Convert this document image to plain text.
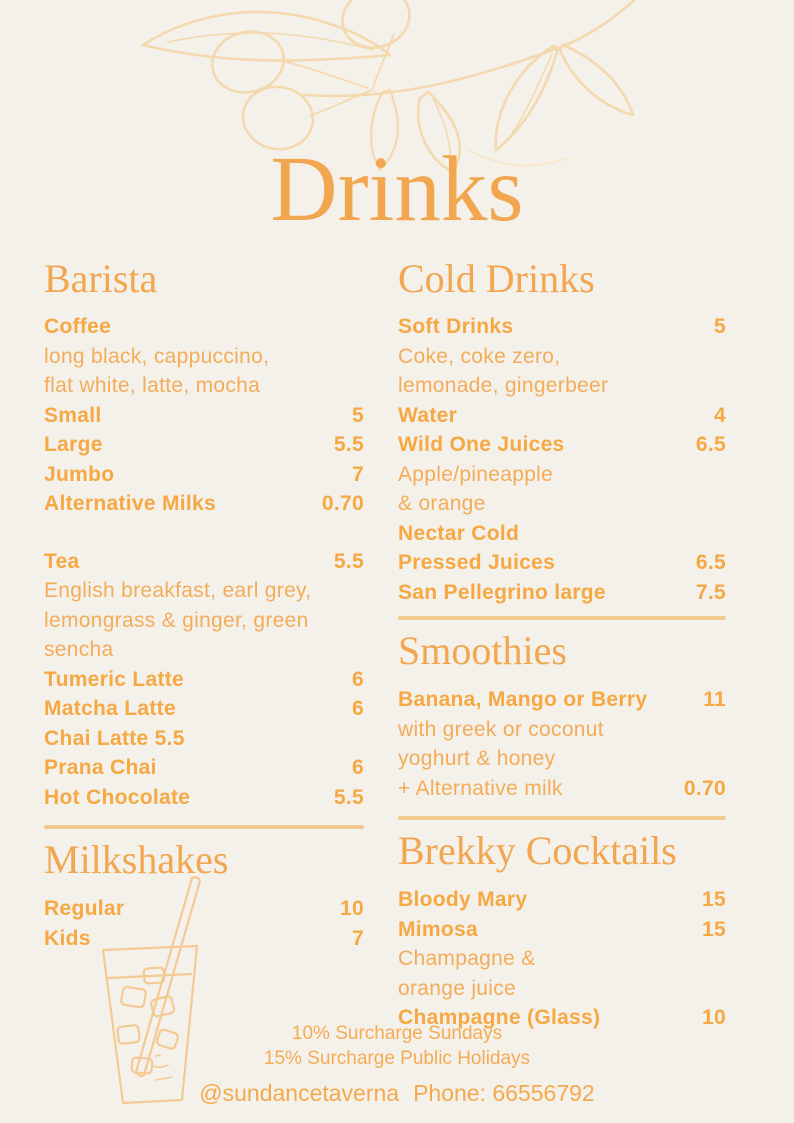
Drinks
Barista
Coffee
long black, cappuccino,
flat white, latte, mocha
Small	5
Large	5.5
Jumbo	7
Alternative Milks	0.70
Tea	5.5
English breakfast, earl grey,
lemongrass & ginger, green
sencha
Tumeric Latte	6
Matcha Latte	6
Chai Latte 5.5
Prana Chai	6
Hot Chocolate	5.5
Milkshakes
Regular	10
Kids	7
Cold Drinks
Soft Drinks	5
Coke, coke zero,
lemonade, gingerbeer
Water	4
Wild One Juices	6.5
Apple/pineapple
& orange
Nectar Cold
Pressed Juices	6.5
San Pellegrino large	7.5
Smoothies
Banana, Mango or Berry	11
with greek or coconut
yoghurt & honey
+ Alternative milk	0.70
Brekky Cocktails
Bloody Mary	15
Mimosa	15
Champagne &
orange juice
Champagne (Glass)	10
10% Surcharge Sundays
15% Surcharge Public Holidays
@sundancetaverna Phone: 66556792
